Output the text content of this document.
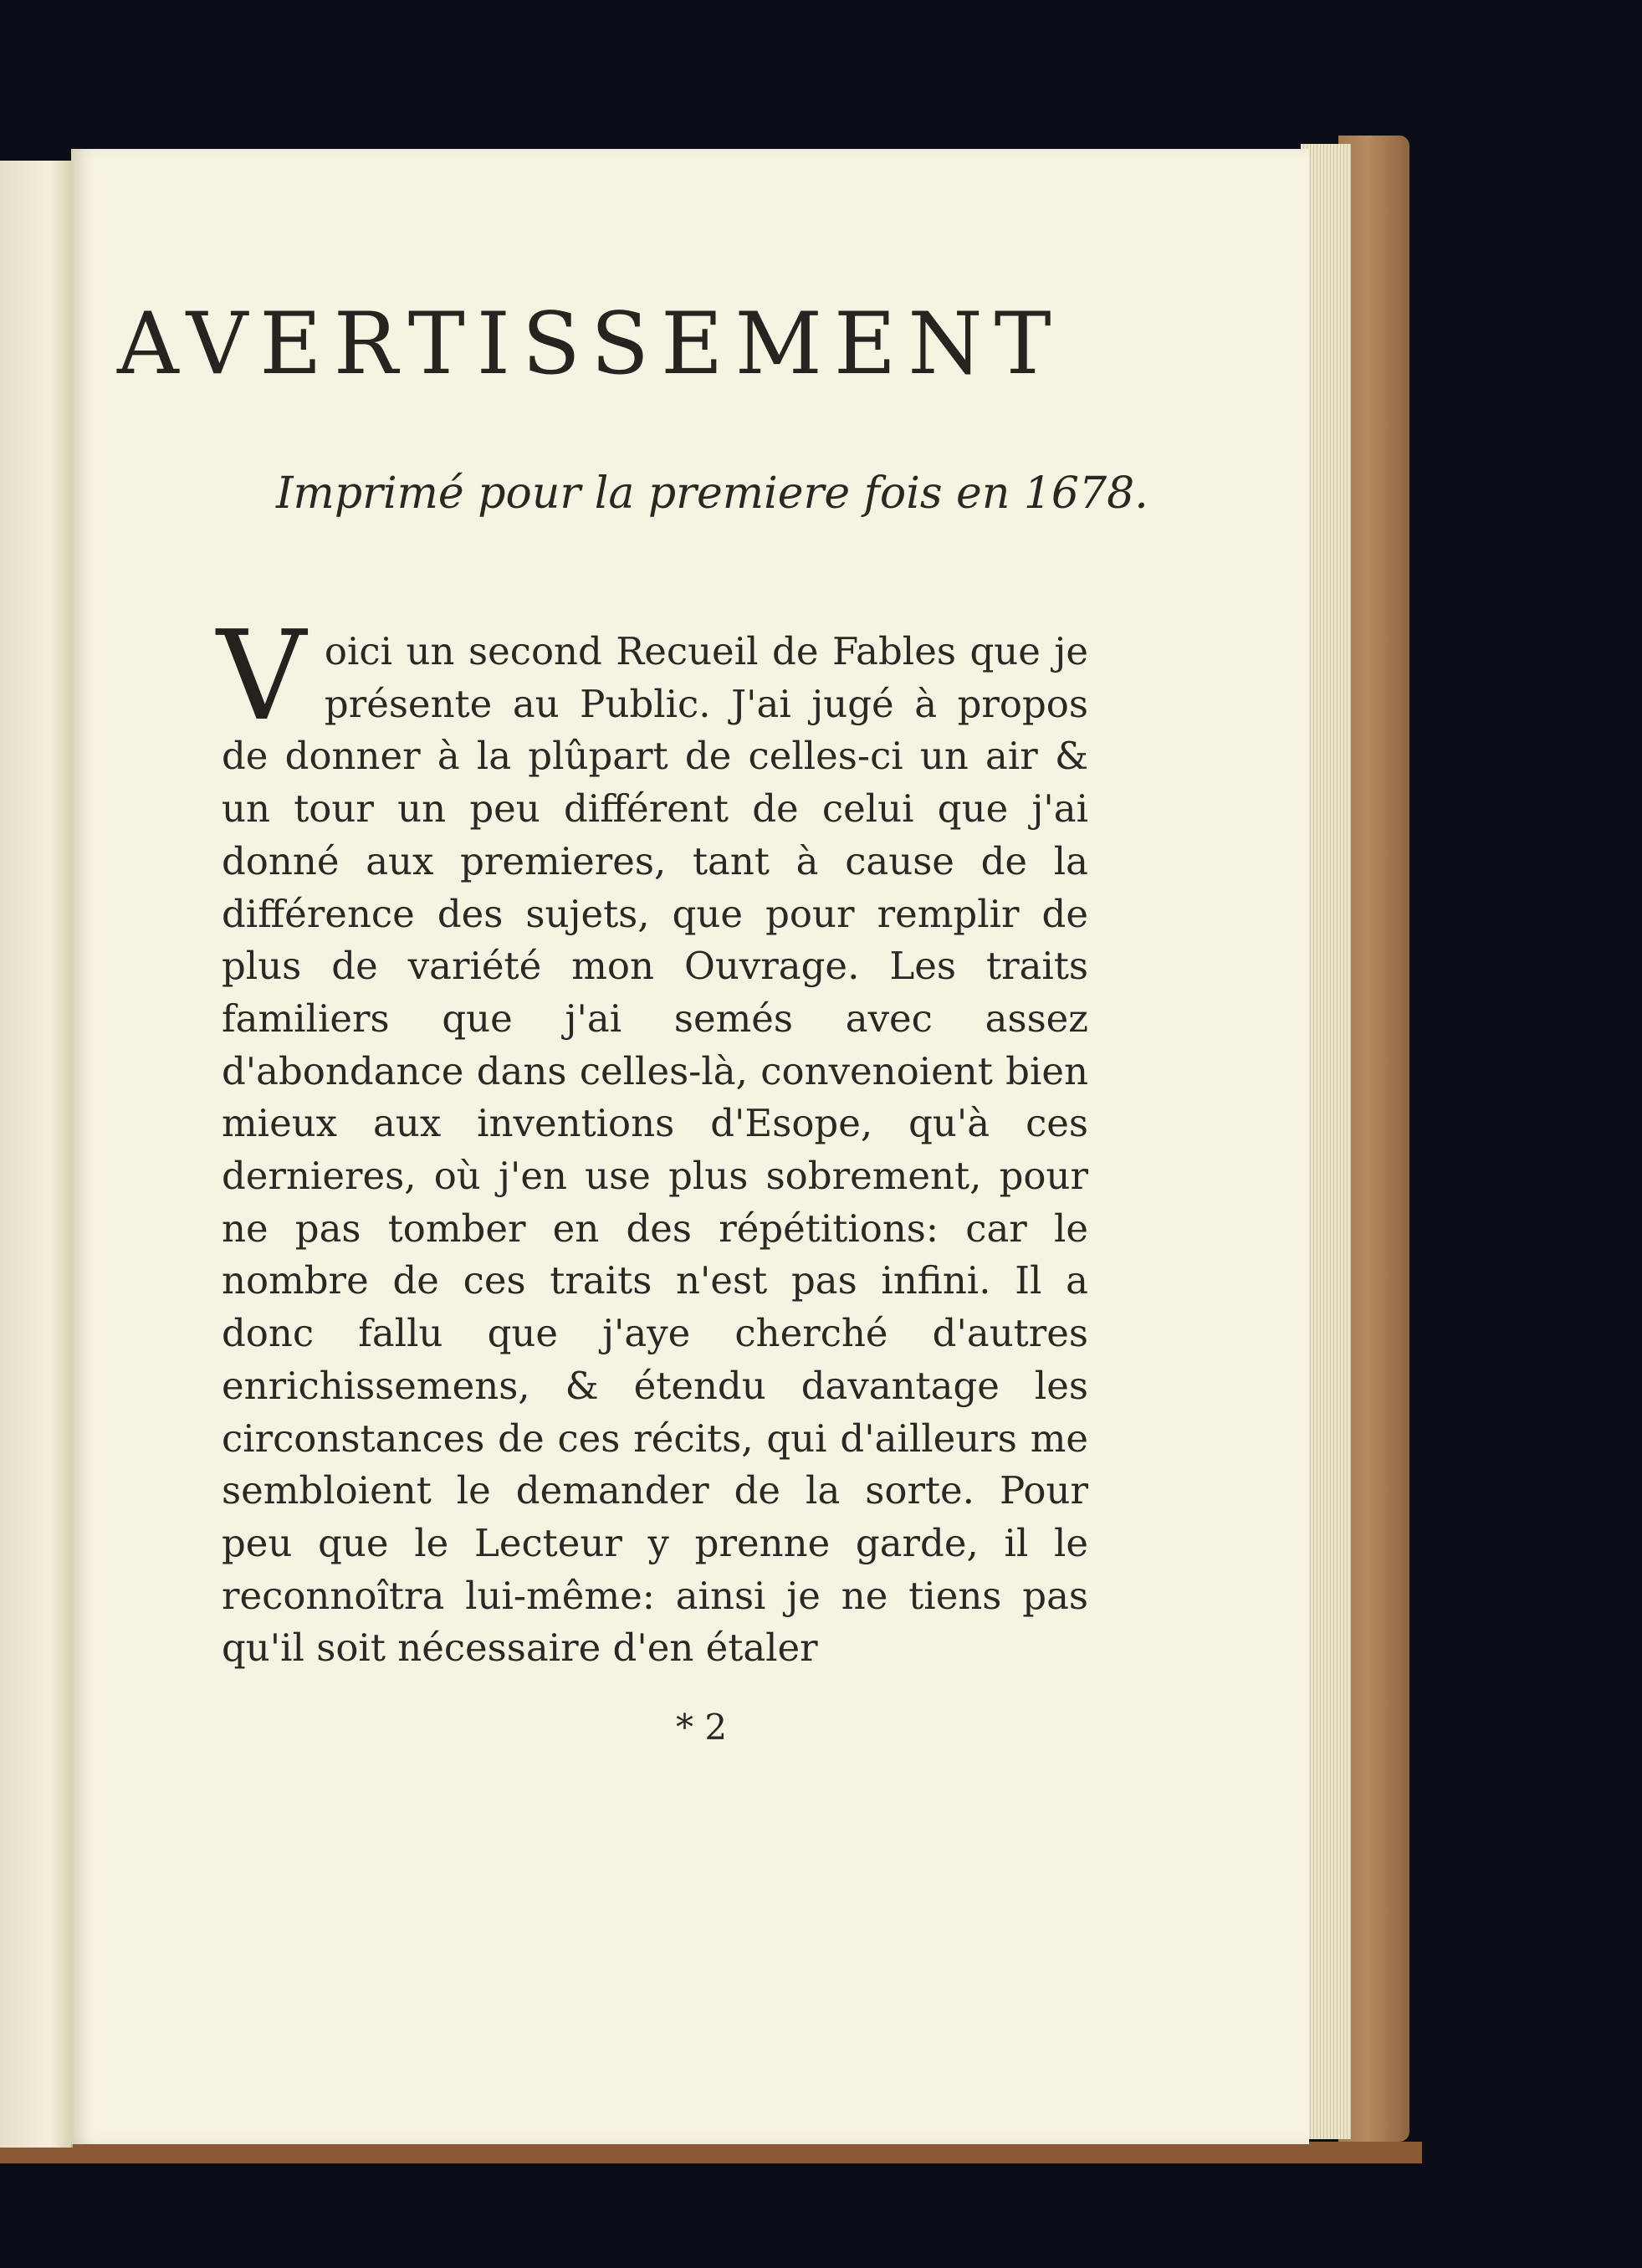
AVERTISSEMENT

Imprimé pour la premiere fois en 1678.

Voici un second Recueil de Fables que je présente au Public. J'ai jugé à propos de donner à la plûpart de celles-ci un air & un tour un peu différent de celui que j'ai donné aux premieres, tant à cause de la différence des sujets, que pour remplir de plus de variété mon Ouvrage. Les traits familiers que j'ai semés avec assez d'abondance dans celles-là, convenoient bien mieux aux inventions d'Esope, qu'à ces dernieres, où j'en use plus sobrement, pour ne pas tomber en des répétitions: car le nombre de ces traits n'est pas infini. Il a donc fallu que j'aye cherché d'autres enrichissemens, & étendu davantage les circonstances de ces récits, qui d'ailleurs me sembloient le demander de la sorte. Pour peu que le Lecteur y prenne garde, il le reconnoîtra lui-même: ainsi je ne tiens pas qu'il soit nécessaire d'en étaler

* 2
